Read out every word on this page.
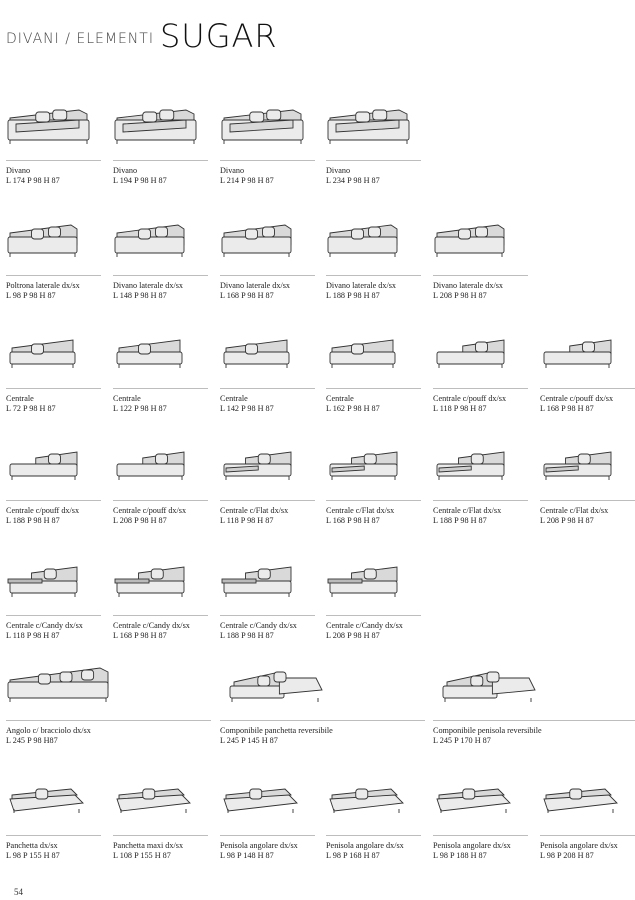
DIVANI / ELEMENTI SUGAR
Divano
L 174 P 98 H 87
Divano
L 194 P 98 H 87
Divano
L 214 P 98 H 87
Divano
L 234 P 98 H 87
Poltrona laterale dx/sx
L 98 P 98 H 87
Divano laterale dx/sx
L 148 P 98 H 87
Divano laterale dx/sx
L 168 P 98 H 87
Divano laterale dx/sx
L 188 P 98 H 87
Divano laterale dx/sx
L 208 P 98 H 87
Centrale
L 72 P 98 H 87
Centrale
L 122 P 98 H 87
Centrale
L 142 P 98 H 87
Centrale
L 162 P 98 H 87
Centrale c/pouff dx/sx
L 118 P 98 H 87
Centrale c/pouff dx/sx
L 168 P 98 H 87
Centrale c/pouff dx/sx
L 188 P 98 H 87
Centrale c/pouff dx/sx
L 208 P 98 H 87
Centrale c/Flat dx/sx
L 118 P 98 H 87
Centrale c/Flat dx/sx
L 168 P 98 H 87
Centrale c/Flat dx/sx
L 188 P 98 H 87
Centrale c/Flat dx/sx
L 208 P 98 H 87
Centrale c/Candy dx/sx
L 118 P 98 H 87
Centrale c/Candy dx/sx
L 168 P 98 H 87
Centrale c/Candy dx/sx
L 188 P 98 H 87
Centrale c/Candy dx/sx
L 208 P 98 H 87
Angolo c/ bracciolo dx/sx
L 245 P 98 H87
Componibile panchetta reversibile
L 245 P 145 H 87
Componibile penisola reversibile
L 245 P 170 H 87
Panchetta dx/sx
L 98 P 155 H 87
Panchetta maxi dx/sx
L 108 P 155 H 87
Penisola angolare dx/sx
L 98 P 148 H 87
Penisola angolare dx/sx
L 98 P 168 H 87
Penisola angolare dx/sx
L 98 P 188 H 87
Penisola angolare dx/sx
L 98 P 208 H 87
54
